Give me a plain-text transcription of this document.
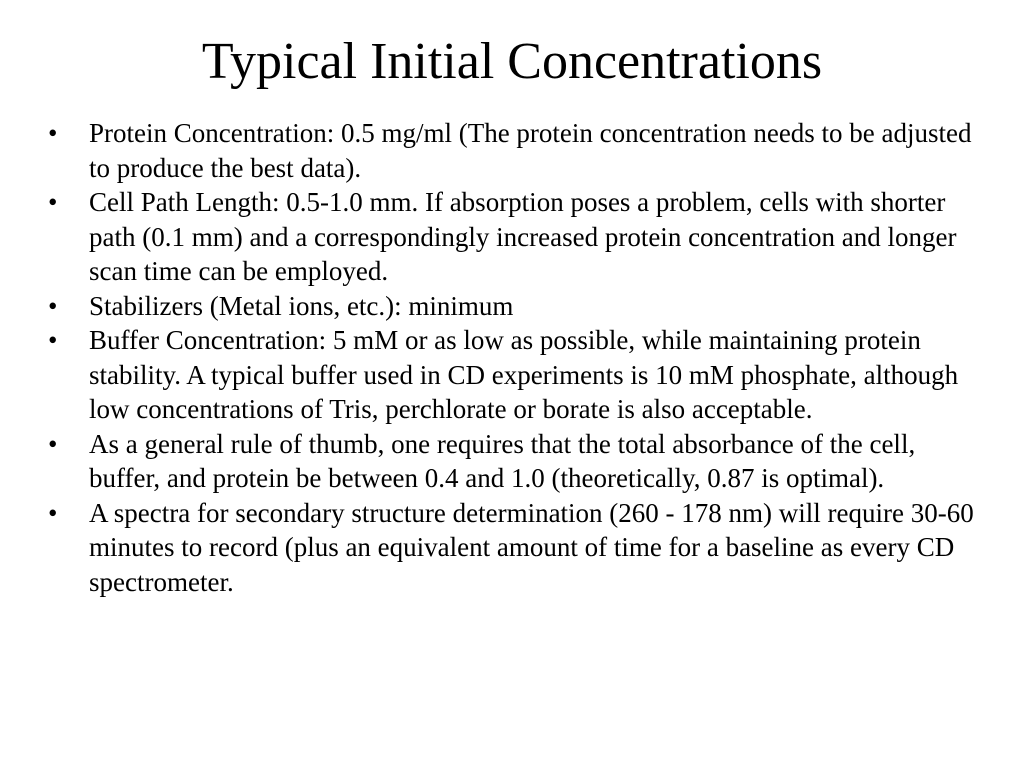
Typical Initial Concentrations
•	Protein Concentration: 0.5 mg/ml (The protein concentration needs to be adjusted to produce the best data).
•	Cell Path Length: 0.5-1.0 mm. If absorption poses a problem, cells with shorter path (0.1 mm) and a correspondingly increased protein concentration and longer scan time can be employed.
•	Stabilizers (Metal ions, etc.): minimum
•	Buffer Concentration: 5 mM or as low as possible, while maintaining protein stability. A typical buffer used in CD experiments is 10 mM phosphate, although low concentrations of Tris, perchlorate or borate is also acceptable.
•	As a general rule of thumb, one requires that the total absorbance of the cell, buffer, and protein be between 0.4 and 1.0 (theoretically, 0.87 is optimal).
•	A spectra for secondary structure determination (260 - 178 nm) will require 30-60 minutes to record (plus an equivalent amount of time for a baseline as every CD spectrometer.
